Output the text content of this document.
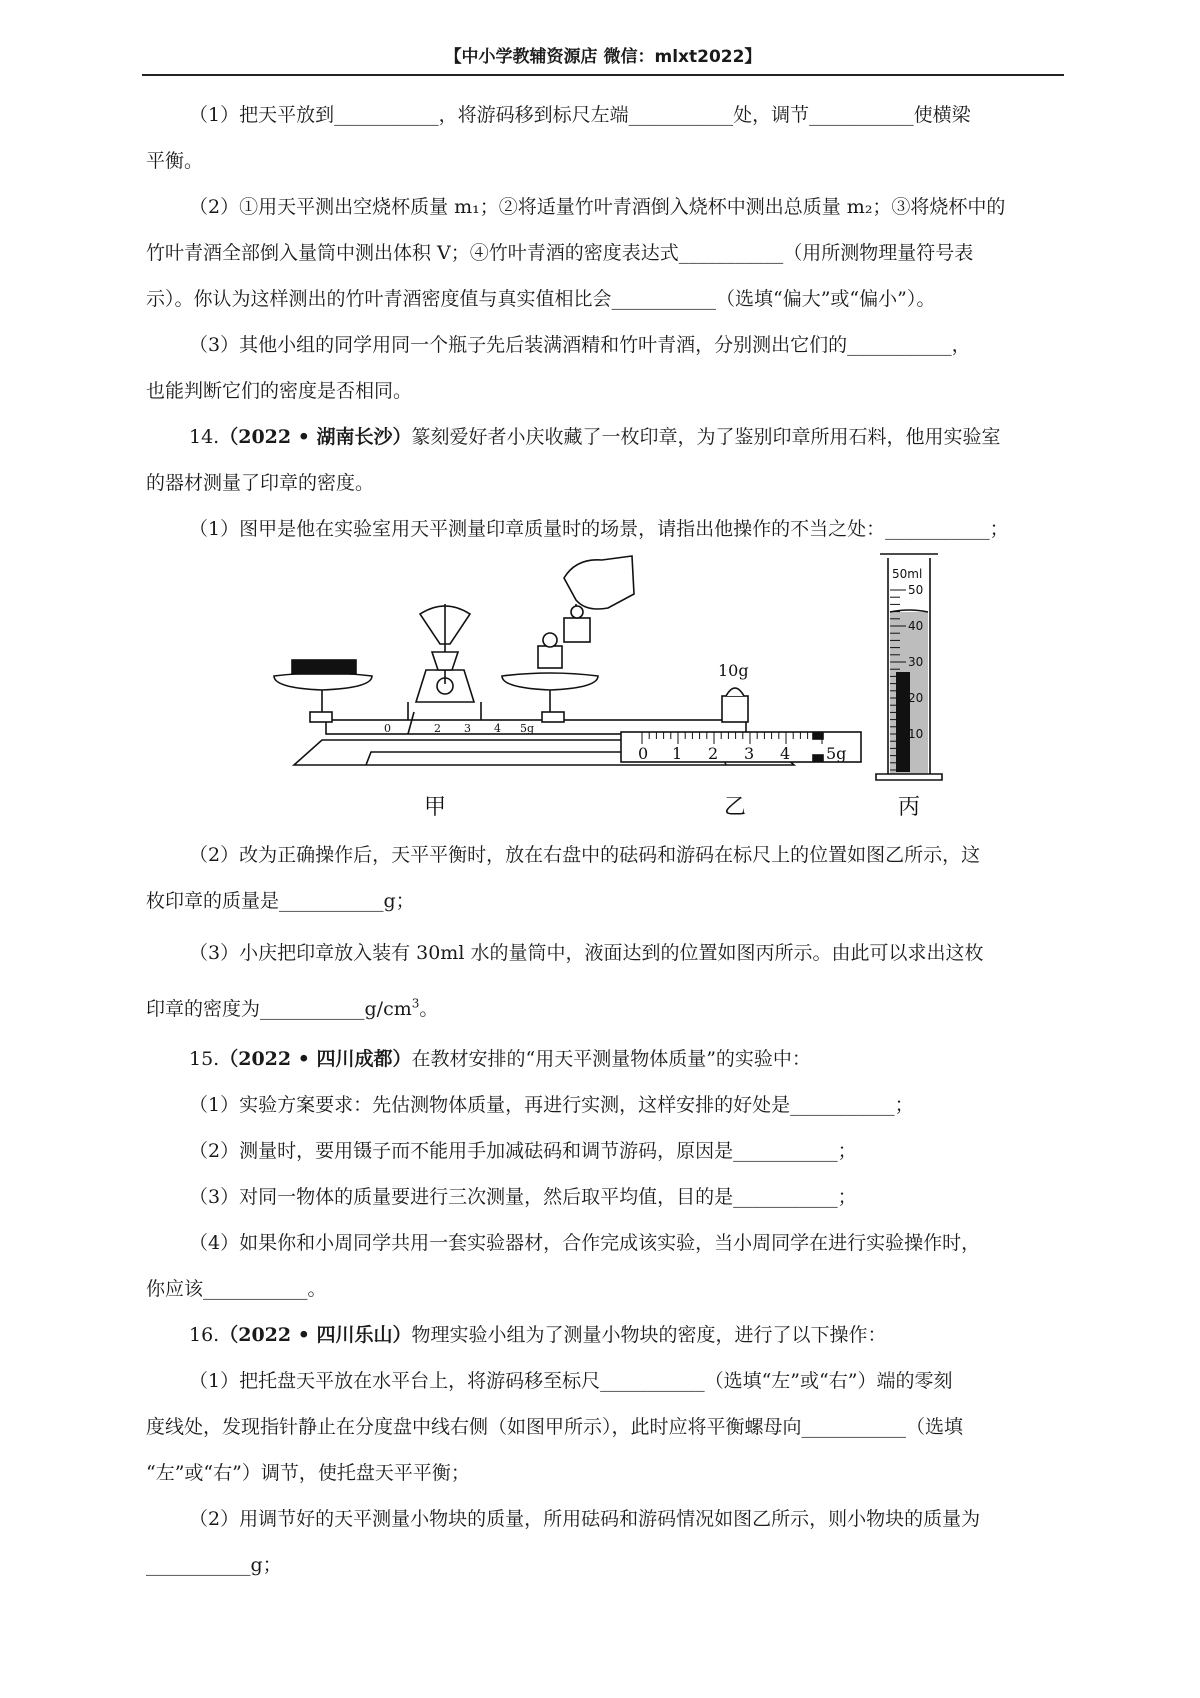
【中小学教辅资源店 微信：mlxt2022】

（1）把天平放到___________，将游码移到标尺左端___________处，调节___________使横梁

平衡。

（2）①用天平测出空烧杯质量 m₁；②将适量竹叶青酒倒入烧杯中测出总质量 m₂；③将烧杯中的

竹叶青酒全部倒入量筒中测出体积 V；④竹叶青酒的密度表达式___________（用所测物理量符号表

示）。你认为这样测出的竹叶青酒密度值与真实值相比会___________（选填“偏大”或“偏小”）。

（3）其他小组的同学用同一个瓶子先后装满酒精和竹叶青酒，分别测出它们的___________，

也能判断它们的密度是否相同。

14.（2022 • 湖南长沙）篆刻爱好者小庆收藏了一枚印章，为了鉴别印章所用石料，他用实验室

的器材测量了印章的密度。

（1）图甲是他在实验室用天平测量印章质量时的场景，请指出他操作的不当之处：___________；

0	2 3 4 5g
10g
0 1 2 3 4 5g
50ml
50
40
30
20
10
甲	乙	丙

（2）改为正确操作后，天平平衡时，放在右盘中的砝码和游码在标尺上的位置如图乙所示，这

枚印章的质量是___________g；

（3）小庆把印章放入装有 30ml 水的量筒中，液面达到的位置如图丙所示。由此可以求出这枚

印章的密度为$\_\_\_\_\_\_\_\_\_\_\_g/cm^3$。

15.（2022 • 四川成都）在教材安排的“用天平测量物体质量”的实验中：

（1）实验方案要求：先估测物体质量，再进行实测，这样安排的好处是___________；

（2）测量时，要用镊子而不能用手加减砝码和调节游码，原因是___________；

（3）对同一物体的质量要进行三次测量，然后取平均值，目的是___________；

（4）如果你和小周同学共用一套实验器材，合作完成该实验，当小周同学在进行实验操作时，

你应该___________。

16.（2022 • 四川乐山）物理实验小组为了测量小物块的密度，进行了以下操作：

（1）把托盘天平放在水平台上，将游码移至标尺___________（选填“左”或“右”）端的零刻

度线处，发现指针静止在分度盘中线右侧（如图甲所示），此时应将平衡螺母向___________（选填

“左”或“右”）调节，使托盘天平平衡；

（2）用调节好的天平测量小物块的质量，所用砝码和游码情况如图乙所示，则小物块的质量为

___________g；
